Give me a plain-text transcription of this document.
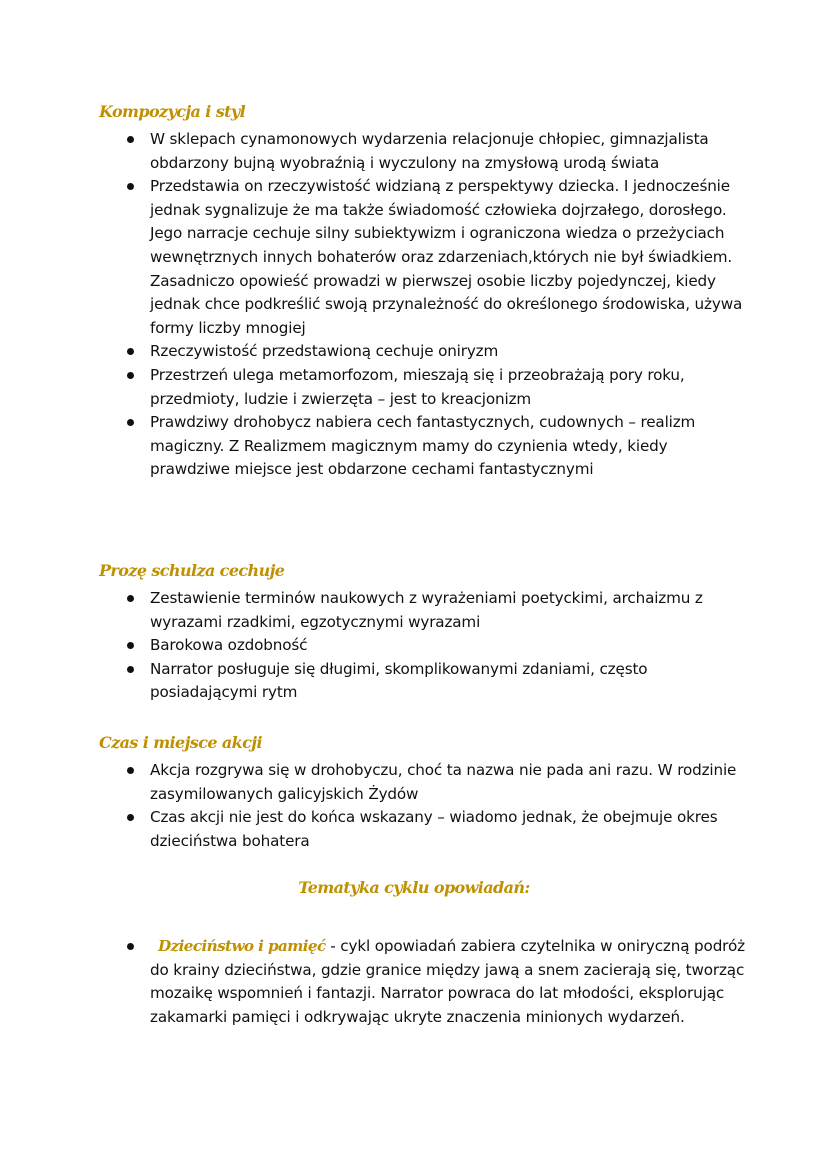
Kompozycja i styl
W sklepach cynamonowych wydarzenia relacjonuje chłopiec, gimnazjalista obdarzony bujną wyobraźnią i wyczulony na zmysłową urodą świata
Przedstawia on rzeczywistość widzianą z perspektywy dziecka. I jednocześnie jednak sygnalizuje że ma także świadomość człowieka dojrzałego, dorosłego. Jego narracje cechuje silny subiektywizm i ograniczona wiedza o przeżyciach wewnętrznych innych bohaterów oraz zdarzeniach,których nie był świadkiem. Zasadniczo opowieść prowadzi w pierwszej osobie liczby pojedynczej, kiedy jednak chce podkreślić swoją przynależność do określonego środowiska, używa formy liczby mnogiej
Rzeczywistość przedstawioną cechuje oniryzm
Przestrzeń ulega metamorfozom, mieszają się i przeobrażają pory roku, przedmioty, ludzie i zwierzęta – jest to kreacjonizm
Prawdziwy drohobycz nabiera cech fantastycznych, cudownych – realizm magiczny. Z Realizmem magicznym mamy do czynienia wtedy, kiedy prawdziwe miejsce jest obdarzone cechami fantastycznymi
Prozę schulza cechuje
Zestawienie terminów naukowych z wyrażeniami poetyckimi, archaizmu z wyrazami rzadkimi, egzotycznymi wyrazami
Barokowa ozdobność
Narrator posługuje się długimi, skomplikowanymi zdaniami, często posiadającymi rytm
Czas i miejsce akcji
Akcja rozgrywa się w drohobyczu, choć ta nazwa nie pada ani razu. W rodzinie zasymilowanych galicyjskich Żydów
Czas akcji nie jest do końca wskazany – wiadomo jednak, że obejmuje okres dzieciństwa bohatera
Tematyka cyklu opowiadań:
Dzieciństwo i pamięć - cykl opowiadań zabiera czytelnika w oniryczną podróż do krainy dzieciństwa, gdzie granice między jawą a snem zacierają się, tworząc mozaikę wspomnień i fantazji. Narrator powraca do lat młodości, eksplorując zakamarki pamięci i odkrywając ukryte znaczenia minionych wydarzeń.
